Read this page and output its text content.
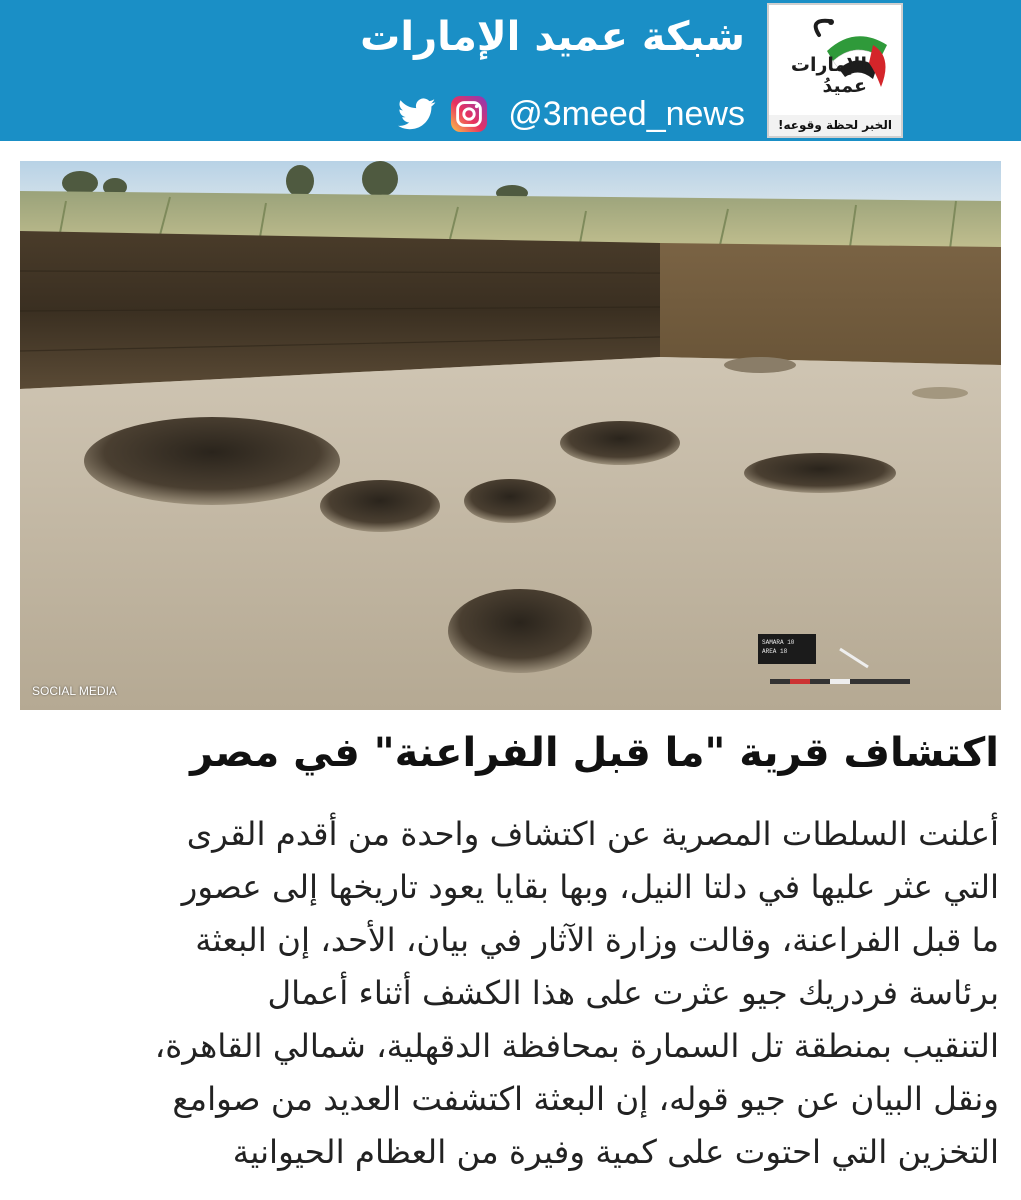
الإمارات
عميدُ
الخبر لحظة وقوعه!
شبكة عميد الإمارات
@3meed_news
SAMARA 10
AREA 18
SOCIAL MEDIA
اكتشاف قرية "ما قبل الفراعنة" في مصر
أعلنت السلطات المصرية عن اكتشاف واحدة من أقدم القرى
التي عثر عليها في دلتا النيل، وبها بقايا يعود تاريخها إلى عصور
ما قبل الفراعنة، وقالت وزارة الآثار في بيان، الأحد، إن البعثة
برئاسة فردريك جيو عثرت على هذا الكشف أثناء أعمال
التنقيب بمنطقة تل السمارة بمحافظة الدقهلية، شمالي القاهرة،
ونقل البيان عن جيو قوله، إن البعثة اكتشفت العديد من صوامع
التخزين التي احتوت على كمية وفيرة من العظام الحيوانية
